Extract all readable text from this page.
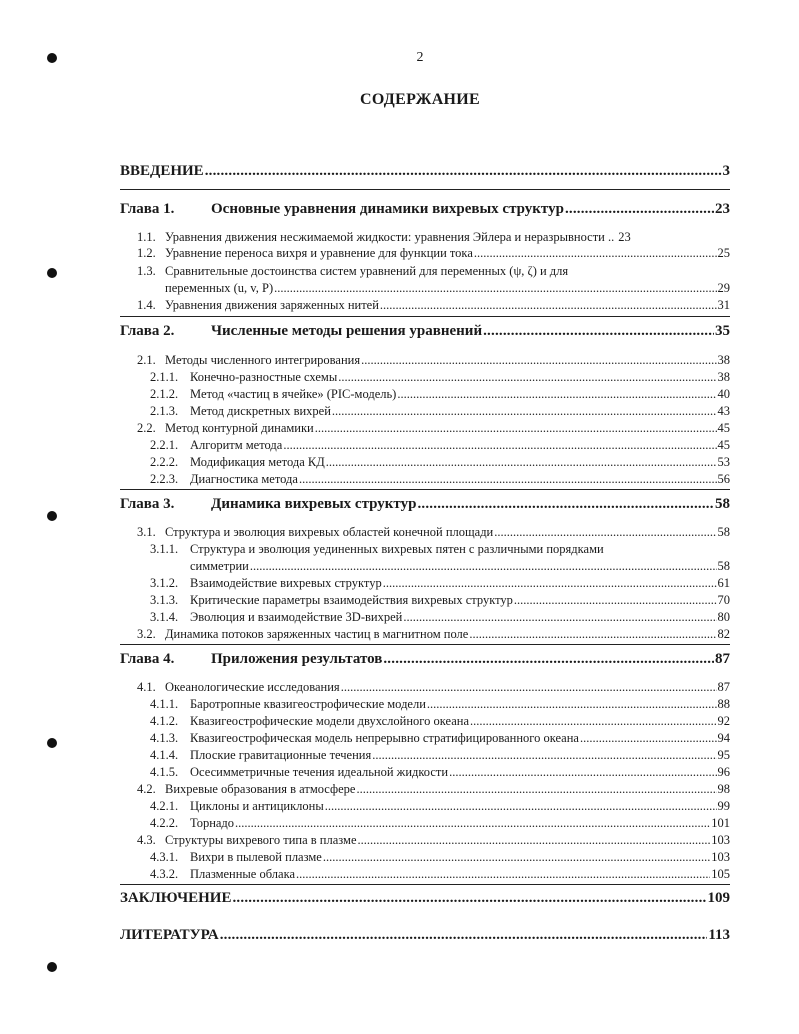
2
СОДЕРЖАНИЕ
ВВЕДЕНИЕ .....	3
Глава 1. Основные уравнения динамики вихревых структур .....	23
1.1. Уравнения движения несжимаемой жидкости: уравнения Эйлера и неразрывности .. 23
1.2. Уравнение переноса вихря и уравнение для функции тока .....	25
1.3. Сравнительные достоинства систем уравнений для переменных (ψ, ζ) и для
переменных (u, v, P) .....	29
1.4. Уравнения движения заряженных нитей .....	31
Глава 2. Численные методы решения уравнений .....	35
2.1. Методы численного интегрирования .....	38
2.1.1. Конечно-разностные схемы .....	38
2.1.2. Метод «частиц в ячейке» (PIC-модель) .....	40
2.1.3. Метод дискретных вихрей .....	43
2.2. Метод контурной динамики .....	45
2.2.1. Алгоритм метода .....	45
2.2.2. Модификация метода КД .....	53
2.2.3. Диагностика метода .....	56
Глава 3. Динамика вихревых структур .....	58
3.1. Структура и эволюция вихревых областей конечной площади .....	58
3.1.1. Структура и эволюция уединенных вихревых пятен с различными порядками
симметрии .....	58
3.1.2. Взаимодействие вихревых структур .....	61
3.1.3. Критические параметры взаимодействия вихревых структур .....	70
3.1.4. Эволюция и взаимодействие 3D-вихрей .....	80
3.2. Динамика потоков заряженных частиц в магнитном поле .....	82
Глава 4. Приложения результатов .....	87
4.1. Океанологические исследования .....	87
4.1.1. Баротропные квазигеострофические модели .....	88
4.1.2. Квазигеострофические модели двухслойного океана .....	92
4.1.3. Квазигеострофическая модель непрерывно стратифицированного океана .....	94
4.1.4. Плоские гравитационные течения .....	95
4.1.5. Осесимметричные течения идеальной жидкости .....	96
4.2. Вихревые образования в атмосфере .....	98
4.2.1. Циклоны и антициклоны .....	99
4.2.2. Торнадо .....	101
4.3. Структуры вихревого типа в плазме .....	103
4.3.1. Вихри в пылевой плазме .....	103
4.3.2. Плазменные облака .....	105
ЗАКЛЮЧЕНИЕ .....	109
ЛИТЕРАТУРА .....	113
